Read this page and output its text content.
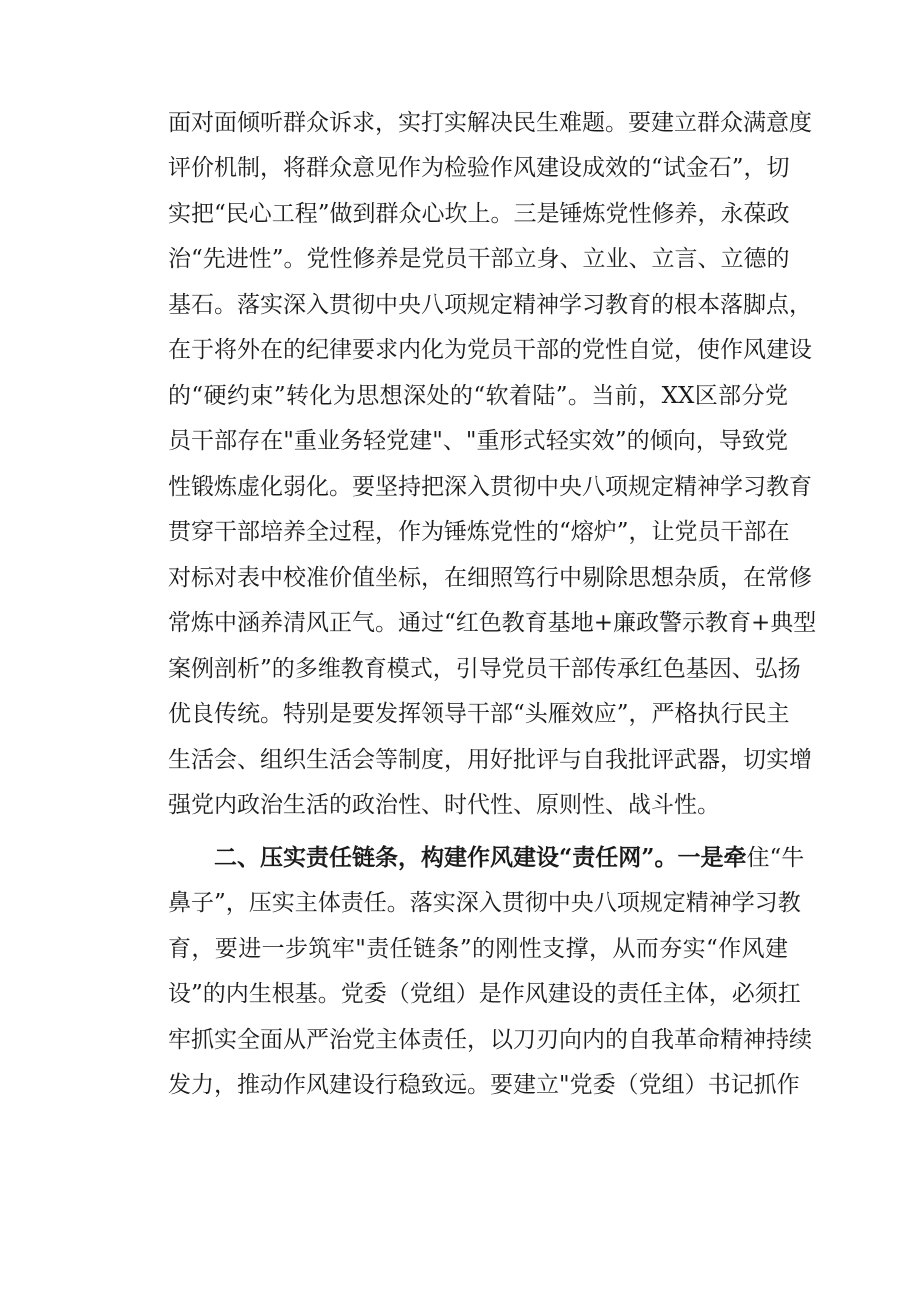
面对面倾听群众诉求，实打实解决民生难题。要建立群众满意度
评价机制，将群众意见作为检验作风建设成效的“试金石”，切
实把“民心工程”做到群众心坎上。三是锤炼党性修养，永葆政
治“先进性”。党性修养是党员干部立身、立业、立言、立德的
基石。落实深入贯彻中央八项规定精神学习教育的根本落脚点，
在于将外在的纪律要求内化为党员干部的党性自觉，使作风建设
的“硬约束”转化为思想深处的“软着陆”。当前，XX区部分党
员干部存在"重业务轻党建"、"重形式轻实效”的倾向，导致党
性锻炼虚化弱化。要坚持把深入贯彻中央八项规定精神学习教育
贯穿干部培养全过程，作为锤炼党性的“熔炉”，让党员干部在
对标对表中校准价值坐标，在细照笃行中剔除思想杂质，在常修
常炼中涵养清风正气。通过“红色教育基地+廉政警示教育+典型
案例剖析”的多维教育模式，引导党员干部传承红色基因、弘扬
优良传统。特别是要发挥领导干部“头雁效应”，严格执行民主
生活会、组织生活会等制度，用好批评与自我批评武器，切实增
强党内政治生活的政治性、时代性、原则性、战斗性。
二、压实责任链条，构建作风建设“责任网”。一是牵住“牛
鼻子”，压实主体责任。落实深入贯彻中央八项规定精神学习教
育，要进一步筑牢"责任链条”的刚性支撑，从而夯实“作风建
设”的内生根基。党委（党组）是作风建设的责任主体，必须扛
牢抓实全面从严治党主体责任，以刀刃向内的自我革命精神持续
发力，推动作风建设行稳致远。要建立"党委（党组）书记抓作
